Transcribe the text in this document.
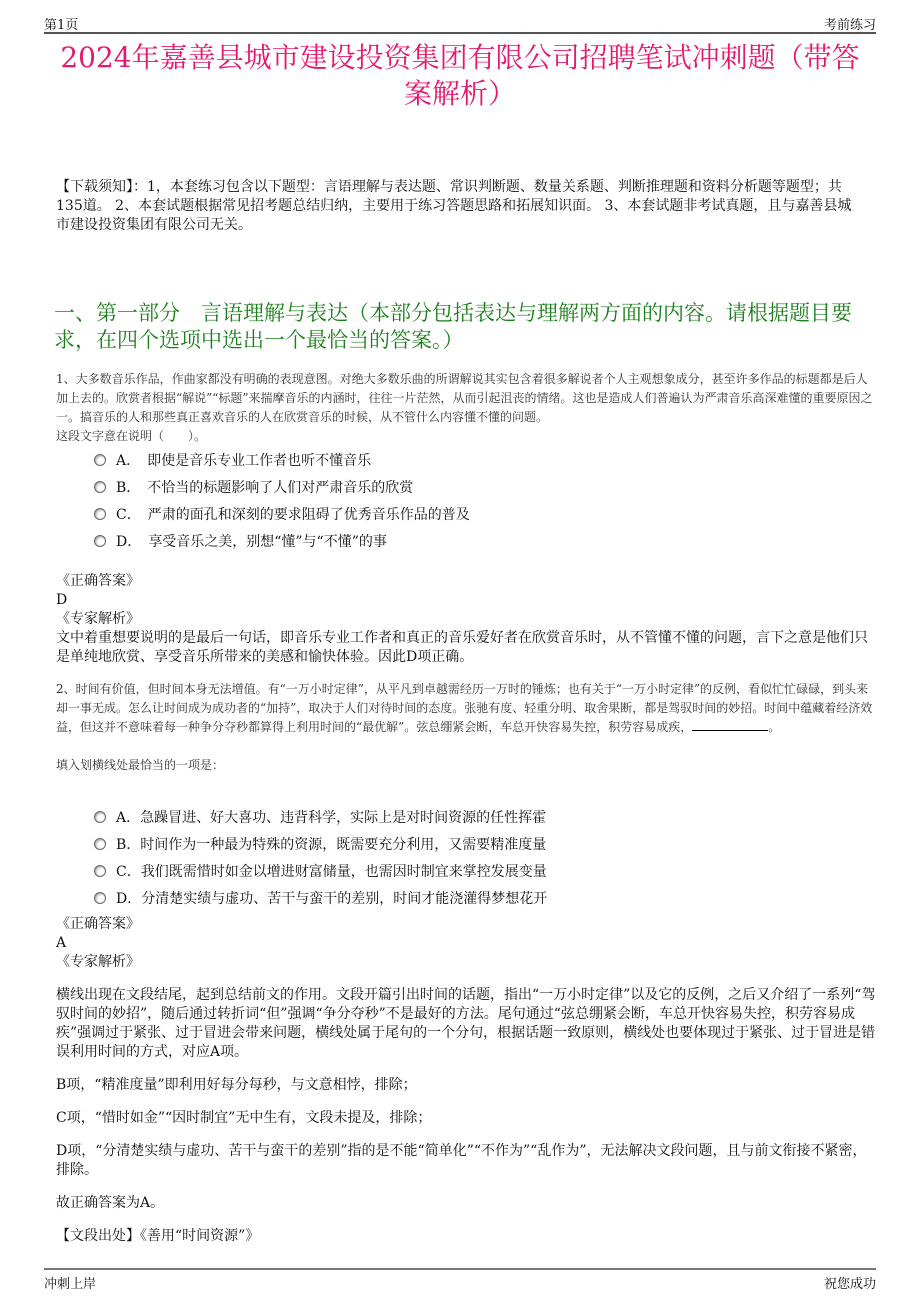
第1页	考前练习
2024年嘉善县城市建设投资集团有限公司招聘笔试冲刺题（带答案解析）
【下载须知】：1，本套练习包含以下题型：言语理解与表达题、常识判断题、数量关系题、判断推理题和资料分析题等题型；共135道。 2、本套试题根据常见招考题总结归纳，主要用于练习答题思路和拓展知识面。 3、本套试题非考试真题，且与嘉善县城市建设投资集团有限公司无关。
一、第一部分　言语理解与表达（本部分包括表达与理解两方面的内容。请根据题目要求，在四个选项中选出一个最恰当的答案。）

1、大多数音乐作品，作曲家都没有明确的表现意图。对绝大多数乐曲的所谓解说其实包含着很多解说者个人主观想象成分，甚至许多作品的标题都是后人加上去的。欣赏者根据“解说”“标题”来揣摩音乐的内涵时，往往一片茫然，从而引起沮丧的情绪。这也是造成人们普遍认为严肃音乐高深难懂的重要原因之一。搞音乐的人和那些真正喜欢音乐的人在欣赏音乐的时候，从不管什么内容懂不懂的问题。

这段文字意在说明（　　）。

A．　即使是音乐专业工作者也听不懂音乐
B．　不恰当的标题影响了人们对严肃音乐的欣赏
C．　严肃的面孔和深刻的要求阻碍了优秀音乐作品的普及
D．　享受音乐之美，别想“懂”与“不懂”的事

《正确答案》

D

《专家解析》

文中着重想要说明的是最后一句话，即音乐专业工作者和真正的音乐爱好者在欣赏音乐时，从不管懂不懂的问题，言下之意是他们只是单纯地欣赏、享受音乐所带来的美感和愉快体验。因此D项正确。

2、时间有价值，但时间本身无法增值。有“一万小时定律”，从平凡到卓越需经历一万时的锤炼；也有关于“一万小时定律”的反例，看似忙忙碌碌，到头来却一事无成。怎么让时间成为成功者的“加持”，取决于人们对待时间的态度。张驰有度、轻重分明、取舍果断，都是驾驭时间的妙招。时间中蕴藏着经济效益，但这并不意味着每一种争分夺秒都算得上利用时间的“最优解”。弦总绷紧会断，车总开快容易失控，积劳容易成疾，	。

填入划横线处最恰当的一项是：

A．急躁冒进、好大喜功、违背科学，实际上是对时间资源的任性挥霍
B．时间作为一种最为特殊的资源，既需要充分利用，又需要精准度量
C．我们既需惜时如金以增进财富储量，也需因时制宜来掌控发展变量
D．分清楚实绩与虚功、苦干与蛮干的差别，时间才能浇灌得梦想花开

《正确答案》

A

《专家解析》

横线出现在文段结尾，起到总结前文的作用。文段开篇引出时间的话题，指出“一万小时定律”以及它的反例，之后又介绍了一系列“驾驭时间的妙招”，随后通过转折词“但”强调“争分夺秒”不是最好的方法。尾句通过“弦总绷紧会断，车总开快容易失控，积劳容易成疾”强调过于紧张、过于冒进会带来问题，横线处属于尾句的一个分句，根据话题一致原则，横线处也要体现过于紧张、过于冒进是错误利用时间的方式，对应A项。

B项，“精准度量”即利用好每分每秒，与文意相悖，排除；

C项，“惜时如金”“因时制宜”无中生有，文段未提及，排除；

D项，“分清楚实绩与虚功、苦干与蛮干的差别”指的是不能“简单化”“不作为”“乱作为”，无法解决文段问题，且与前文衔接不紧密，排除。

故正确答案为A。

【文段出处】《善用“时间资源”》

冲刺上岸	祝您成功
